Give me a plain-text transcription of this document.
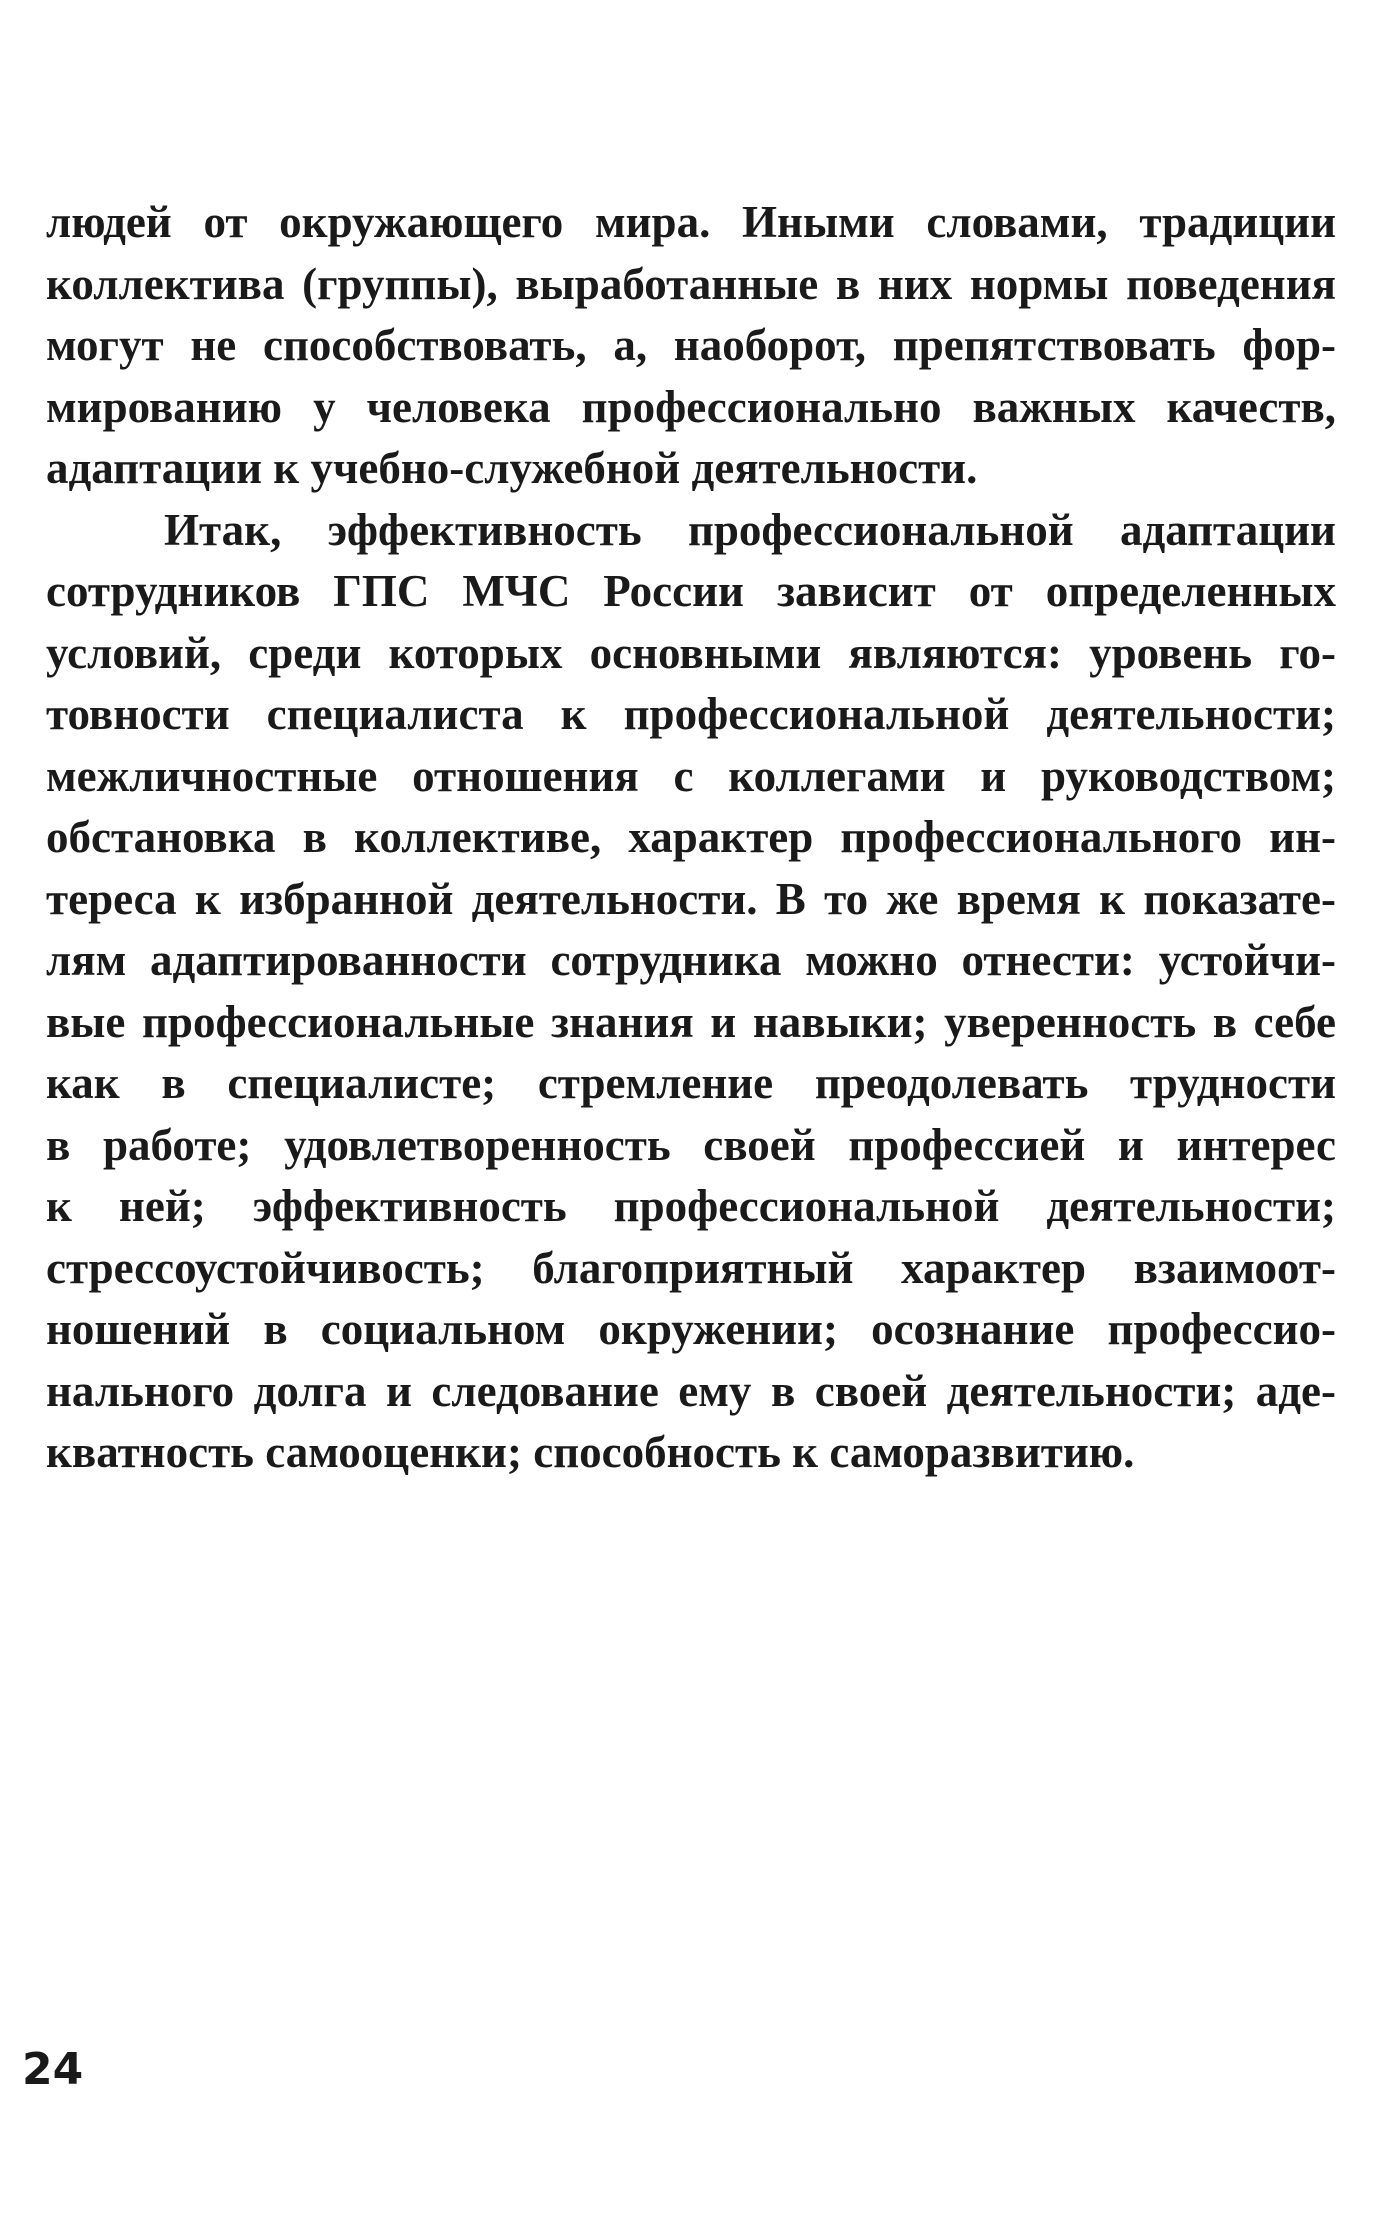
людей от окружающего мира. Иными словами, традиции
коллектива (группы), выработанные в них нормы поведения
могут не способствовать, а, наоборот, препятствовать фор-
мированию у человека профессионально важных качеств,
адаптации к учебно-служебной деятельности.
Итак, эффективность профессиональной адаптации
сотрудников ГПС МЧС России зависит от определенных
условий, среди которых основными являются: уровень го-
товности специалиста к профессиональной деятельности;
межличностные отношения с коллегами и руководством;
обстановка в коллективе, характер профессионального ин-
тереса к избранной деятельности. В то же время к показате-
лям адаптированности сотрудника можно отнести: устойчи-
вые профессиональные знания и навыки; уверенность в себе
как в специалисте; стремление преодолевать трудности
в работе; удовлетворенность своей профессией и интерес
к ней; эффективность профессиональной деятельности;
стрессоустойчивость; благоприятный характер взаимоот-
ношений в социальном окружении; осознание профессио-
нального долга и следование ему в своей деятельности; аде-
кватность самооценки; способность к саморазвитию.
24
